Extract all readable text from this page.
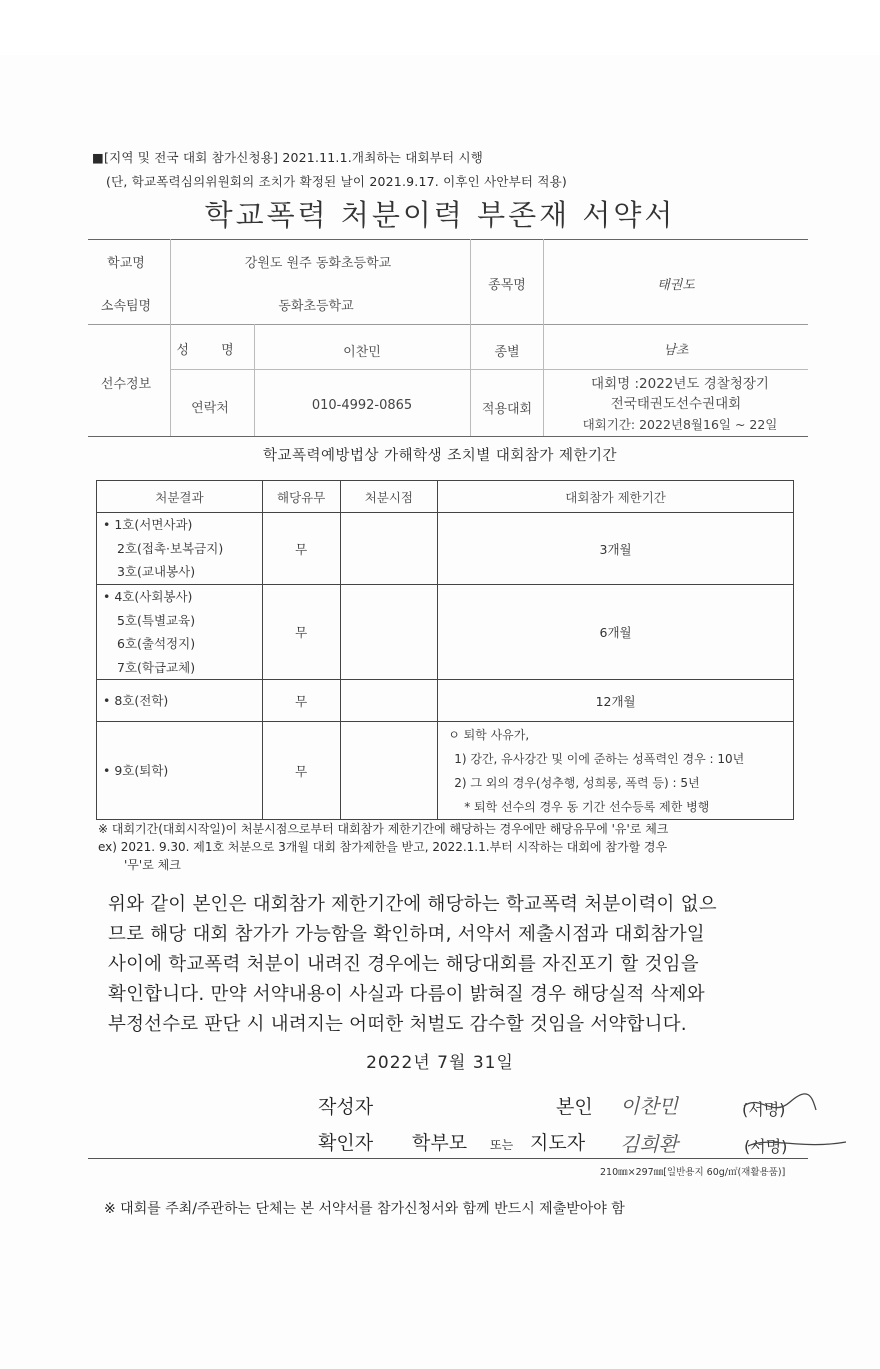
■[지역 및 전국 대회 참가신청용] 2021.11.1.개최하는 대회부터 시행
(단, 학교폭력심의위원회의 조치가 확정된 날이 2021.9.17. 이후인 사안부터 적용)
학교폭력 처분이력 부존재 서약서
학교명	강원도 원주 동화초등학교
소속팀명	동화초등학교
종목명	태권도
선수정보
성 명	이찬민	종별	남초
연락처	010-4992-0865	적용대회
대회명 :2022년도 경찰청장기
전국태권도선수권대회
대회기간: 2022년8월16일 ~ 22일
학교폭력예방법상 가해학생 조치별 대회참가 제한기간
처분결과	해당유무	처분시점	대회참가 제한기간

• 1호(서면사과)
2호(접촉·보복금지)
3호(교내봉사)	무		3개월

• 4호(사회봉사)
5호(특별교육)
6호(출석정지)
7호(학급교체)	무		6개월

• 8호(전학)	무		12개월

• 9호(퇴학)	무		ㅇ 퇴학 사유가,
1) 강간, 유사강간 및 이에 준하는 성폭력인 경우 : 10년
2) 그 외의 경우(성추행, 성희롱, 폭력 등) : 5년
* 퇴학 선수의 경우 동 기간 선수등록 제한 병행
※ 대회기간(대회시작일)이 처분시점으로부터 대회참가 제한기간에 해당하는 경우에만 해당유무에 '유'로 체크
ex) 2021. 9.30. 제1호 처분으로 3개월 대회 참가제한을 받고, 2022.1.1.부터 시작하는 대회에 참가할 경우
'무'로 체크
위와 같이 본인은 대회참가 제한기간에 해당하는 학교폭력 처분이력이 없으
므로 해당 대회 참가가 가능함을 확인하며, 서약서 제출시점과 대회참가일
사이에 학교폭력 처분이 내려진 경우에는 해당대회를 자진포기 할 것임을
확인합니다. 만약 서약내용이 사실과 다름이 밝혀질 경우 해당실적 삭제와
부정선수로 판단 시 내려지는 어떠한 처벌도 감수할 것임을 서약합니다.
2022년 7월 31일
작성자	본인 이찬민	(서명)
확인자 학부모 또는 지도자 김희환	(서명)
210㎜×297㎜[일반용지 60g/㎡(재활용품)]
※ 대회를 주최/주관하는 단체는 본 서약서를 참가신청서와 함께 반드시 제출받아야 함
